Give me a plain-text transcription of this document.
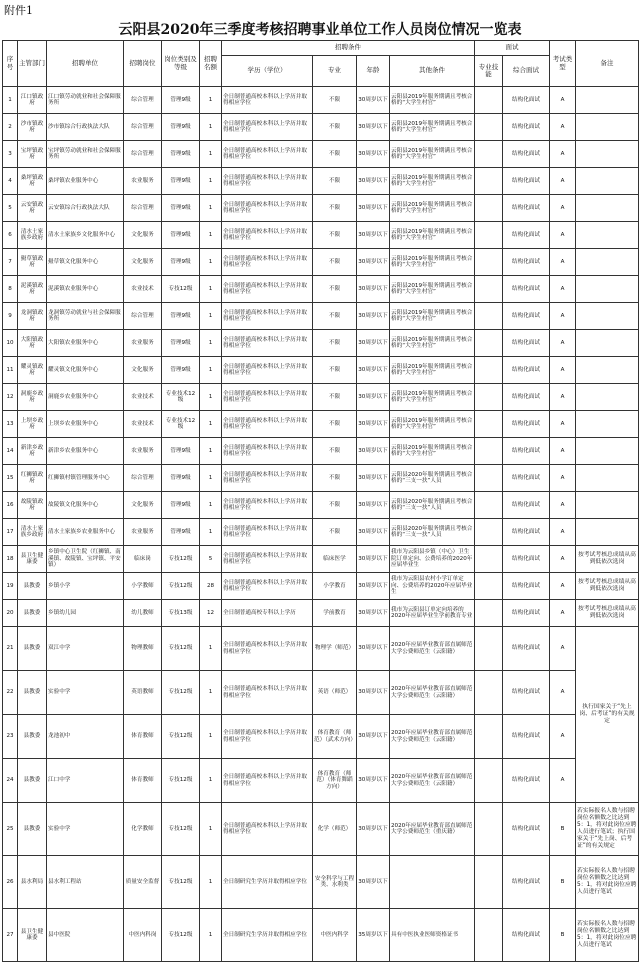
附件1
云阳县2020年三季度考核招聘事业单位工作人员岗位情况一览表
序号	主管部门	招聘单位	招聘岗位	岗位类别及等级	招聘名额	招聘条件				面试		考试类型	备注
						学历（学位）	专业	年龄	其他条件	专业技能	综合面试		
1	江口镇政府	江口镇劳动就业和社会保障服务所	综合管理	管理9级	1	全日制普通高校本科以上学历并取得相应学位	不限	30周岁以下	云阳县2019年服务期满且考核合格的“大学生村官”		结构化面试	A	
2	沙市镇政府	沙市镇综合行政执法大队	综合管理	管理9级	1	全日制普通高校本科以上学历并取得相应学位	不限	30周岁以下	云阳县2019年服务期满且考核合格的“大学生村官”		结构化面试	A	
3	宝坪镇政府	宝坪镇劳动就业和社会保障服务所	综合管理	管理9级	1	全日制普通高校本科以上学历并取得相应学位	不限	30周岁以下	云阳县2019年服务期满且考核合格的“大学生村官”		结构化面试	A	
4	桑坪镇政府	桑坪镇农业服务中心	农业服务	管理9级	1	全日制普通高校本科以上学历并取得相应学位	不限	30周岁以下	云阳县2019年服务期满且考核合格的“大学生村官”		结构化面试	A	
5	云安镇政府	云安镇综合行政执法大队	综合管理	管理9级	1	全日制普通高校本科以上学历并取得相应学位	不限	30周岁以下	云阳县2019年服务期满且考核合格的“大学生村官”		结构化面试	A	
6	清水土家族乡政府	清水土家族乡文化服务中心	文化服务	管理9级	1	全日制普通高校本科以上学历并取得相应学位	不限	30周岁以下	云阳县2019年服务期满且考核合格的“大学生村官”		结构化面试	A	
7	鱟草镇政府	鱟草镇文化服务中心	文化服务	管理9级	1	全日制普通高校本科以上学历并取得相应学位	不限	30周岁以下	云阳县2019年服务期满且考核合格的“大学生村官”		结构化面试	A	
8	泥溪镇政府	泥溪镇农业服务中心	农业技术	专技12级	1	全日制普通高校本科以上学历并取得相应学位	不限	30周岁以下	云阳县2019年服务期满且考核合格的“大学生村官”		结构化面试	A	
9	龙洞镇政府	龙洞镇劳动就业与社会保障服务所	综合管理	管理9级	1	全日制普通高校本科以上学历并取得相应学位	不限	30周岁以下	云阳县2019年服务期满且考核合格的“大学生村官”		结构化面试	A	
10	大阳镇政府	大阳镇农业服务中心	农业服务	管理9级	1	全日制普通高校本科以上学历并取得相应学位	不限	30周岁以下	云阳县2019年服务期满且考核合格的“大学生村官”		结构化面试	A	
11	耀灵镇政府	耀灵镇文化服务中心	文化服务	管理9级	1	全日制普通高校本科以上学历并取得相应学位	不限	30周岁以下	云阳县2019年服务期满且考核合格的“大学生村官”		结构化面试	A	
12	洞鹿乡政府	洞鹿乡农业服务中心	农业技术	专业技术12级	1	全日制普通高校本科以上学历并取得相应学位	不限	30周岁以下	云阳县2019年服务期满且考核合格的“大学生村官”		结构化面试	A	
13	上坝乡政府	上坝乡农业服务中心	农业技术	专业技术12级	1	全日制普通高校本科以上学历并取得相应学位	不限	30周岁以下	云阳县2019年服务期满且考核合格的“大学生村官”		结构化面试	A	
14	新津乡政府	新津乡农业服务中心	农业服务	管理9级	1	全日制普通高校本科以上学历并取得相应学位	不限	30周岁以下	云阳县2019年服务期满且考核合格的“大学生村官”		结构化面试	A	
15	红狮镇政府	红狮镇村镇管理服务中心	综合管理	管理9级	1	全日制普通高校本科以上学历并取得相应学位	不限	30周岁以下	云阳县2020年服务期满且考核合格的“三支一扶”人员		结构化面试	A	
16	故陵镇政府	故陵镇文化服务中心	文化服务	管理9级	1	全日制普通高校本科以上学历并取得相应学位	不限	30周岁以下	云阳县2020年服务期满且考核合格的“三支一扶”人员		结构化面试	A	
17	清水土家族乡政府	清水土家族乡农业服务中心	农业服务	管理9级	1	全日制普通高校本科以上学历并取得相应学位	不限	30周岁以下	云阳县2020年服务期满且考核合格的“三支一扶”人员		结构化面试	A	
18	县卫生健康委	乡镇中心卫生院（红狮镇、南溪镇、故陵镇、宝坪镇、平安镇）	临床岗	专技12级	5	全日制普通高校本科以上学历并取得相应学位	临床医学	30周岁以下	我市为云阳县乡镇（中心）卫生院订单定向、公费培养的2020年应届毕业生		结构化面试	A	按考试考核总成绩从高到低依次选岗
19	县教委	乡镇小学	小学教师	专技12级	28	全日制普通高校本科以上学历并取得相应学位	小学教育	30周岁以下	我市为云阳县农村小学订单定向、公费培养的2020年应届毕业生		结构化面试	A	按考试考核总成绩从高到低依次选岗
20	县教委	乡镇幼儿园	幼儿教师	专技13级	12	全日制普通高校专科以上学历	学前教育	30周岁以下	我市为云阳县订单定向培养的2020年应届毕业生学前教育专业		结构化面试	A	按考试考核总成绩从高到低依次选岗
21	县教委	双江中学	物理教师	专技12级	1	全日制普通高校本科以上学历并取得相应学位	物理学（师范）	30周岁以下	2020年应届毕业教育部直属师范大学公费师范生（云阳籍）		结构化面试	A	执行国家关于“先上岗、后考证”的有关规定
22	县教委	实验中学	英语教师	专技12级	1	全日制普通高校本科以上学历并取得相应学位	英语（师范）	30周岁以下	2020年应届毕业教育部直属师范大学公费师范生（云阳籍）		结构化面试	A	
23	县教委	龙池初中	体育教师	专技12级	1	全日制普通高校本科以上学历并取得相应学位	体育教育（师范）（武术方向）	30周岁以下	2020年应届毕业教育部直属师范大学公费师范生（云阳籍）		结构化面试	A	
24	县教委	江口中学	体育教师	专技12级	1	全日制普通高校本科以上学历并取得相应学位	体育教育（师范）（体育舞蹈方向）	30周岁以下	2020年应届毕业教育部直属师范大学公费师范生（云阳籍）		结构化面试	A	
25	县教委	实验中学	化学教师	专技12级	1	全日制普通高校本科以上学历并取得相应学位	化学（师范）	30周岁以下	2020年应届毕业教育部直属师范大学公费师范生（重庆籍）		结构化面试	B	若实际报名人数与招聘岗位名额数之比达到5：1，将对此岗位应聘人员进行笔试；执行国家关于“先上岗、后考证”的有关规定
26	县水利局	县水利工程站	质量安全监督	专技12级	1	全日制研究生学历并取得相应学位	安全科学与工程类、水利类	30周岁以下			结构化面试	B	若实际报名人数与招聘岗位名额数之比达到5：1，将对此岗位应聘人员进行笔试
27	县卫生健康委	县中医院	中医内科岗	专技12级	1	全日制研究生学历并取得相应学位	中医内科学	35周岁以下	具有中医执业医师资格证书		结构化面试	B	若实际报名人数与招聘岗位名额数之比达到5：1，将对此岗位应聘人员进行笔试
